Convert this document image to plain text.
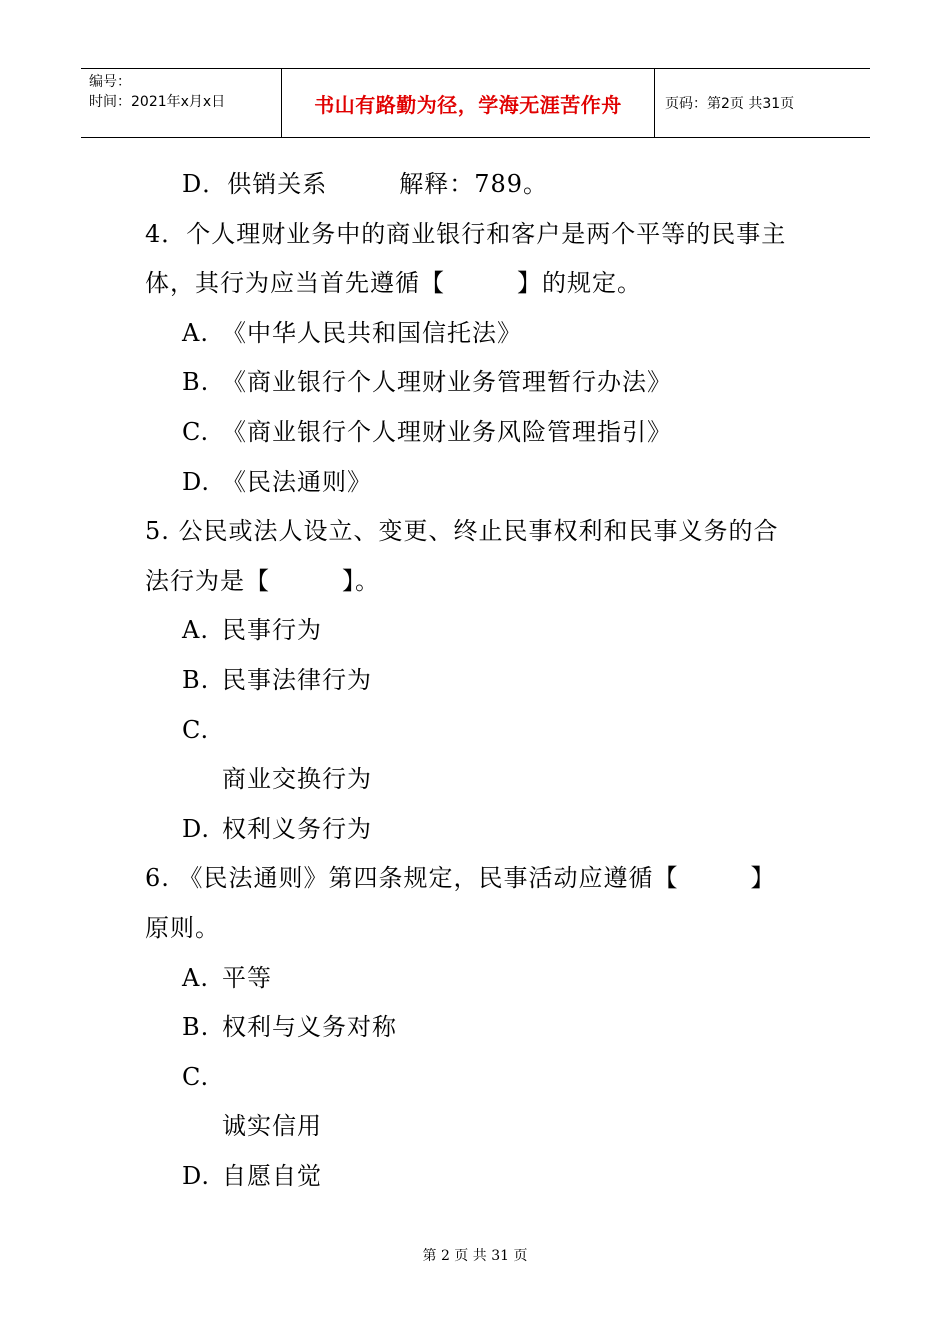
编号：
时间：2021年x月x日	书山有路勤为径，学海无涯苦作舟	页码：第2页 共31页
D．供销关系	解释：789。
4．个人理财业务中的商业银行和客户是两个平等的民事主
体，其行为应当首先遵循【	】的规定。
A. 《中华人民共和国信托法》
B. 《商业银行个人理财业务管理暂行办法》
C. 《商业银行个人理财业务风险管理指引》
D. 《民法通则》
5. 公民或法人设立、变更、终止民事权利和民事义务的合
法行为是【	】。
A. 民事行为
B. 民事法律行为
C.
商业交换行为
D. 权利义务行为
6. 《民法通则》第四条规定，民事活动应遵循【	】
原则。
A. 平等
B. 权利与义务对称
C.
诚实信用
D. 自愿自觉
第 2 页 共 31 页
